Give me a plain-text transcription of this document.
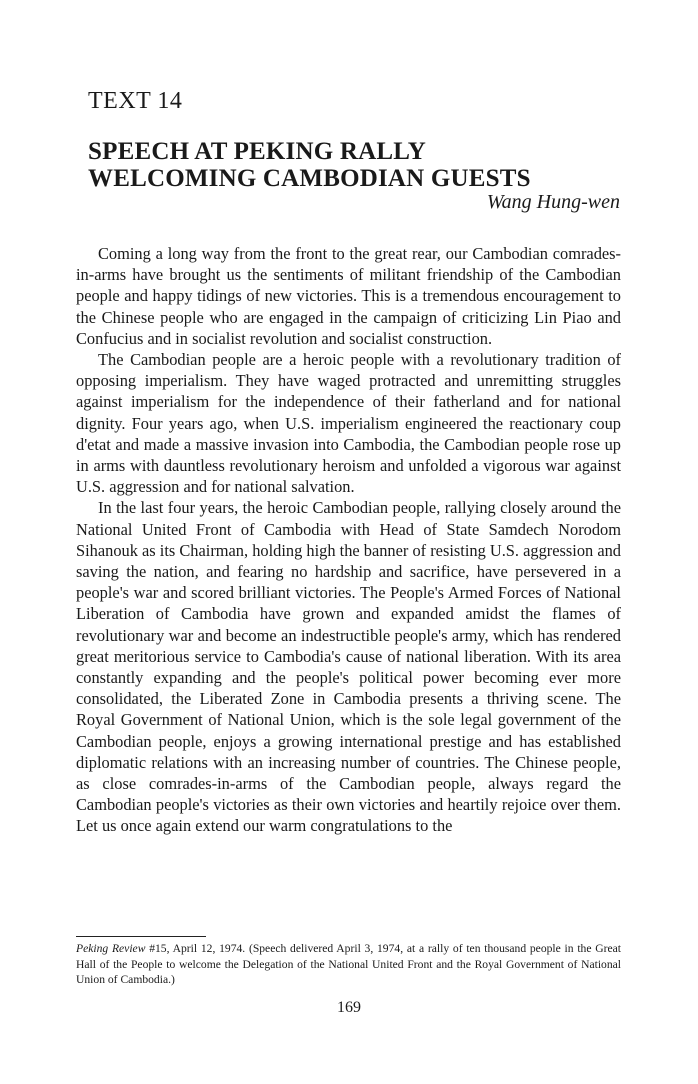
TEXT 14
SPEECH AT PEKING RALLY
WELCOMING CAMBODIAN GUESTS

Wang Hung-wen

Coming a long way from the front to the great rear, our Cambodian comrades-in-arms have brought us the sentiments of militant friendship of the Cambodian people and happy tidings of new victories. This is a tremendous encouragement to the Chinese people who are engaged in the campaign of criticizing Lin Piao and Confucius and in socialist revolution and socialist construction.

The Cambodian people are a heroic people with a revolutionary tradition of opposing imperialism. They have waged protracted and unremitting struggles against imperialism for the independence of their fatherland and for national dignity. Four years ago, when U.S. imperialism engineered the reactionary coup d'etat and made a massive invasion into Cambodia, the Cambodian people rose up in arms with dauntless revolutionary heroism and unfolded a vigorous war against U.S. aggression and for national salvation.

In the last four years, the heroic Cambodian people, rallying closely around the National United Front of Cambodia with Head of State Samdech Norodom Sihanouk as its Chairman, holding high the banner of resisting U.S. aggression and saving the nation, and fearing no hardship and sacrifice, have persevered in a people's war and scored brilliant victories. The People's Armed Forces of National Liberation of Cambodia have grown and expanded amidst the flames of revolutionary war and become an indestructible people's army, which has rendered great meritorious service to Cambodia's cause of national liberation. With its area constantly expanding and the people's political power becoming ever more consolidated, the Liberated Zone in Cambodia presents a thriving scene. The Royal Government of National Union, which is the sole legal government of the Cambodian people, enjoys a growing international prestige and has established diplomatic relations with an increasing number of countries. The Chinese people, as close comrades-in-arms of the Cambodian people, always regard the Cambodian people's victories as their own victories and heartily rejoice over them. Let us once again extend our warm congratulations to the

Peking Review #15, April 12, 1974. (Speech delivered April 3, 1974, at a rally of ten thousand people in the Great Hall of the People to welcome the Delegation of the National United Front and the Royal Government of National Union of Cambodia.)

169
